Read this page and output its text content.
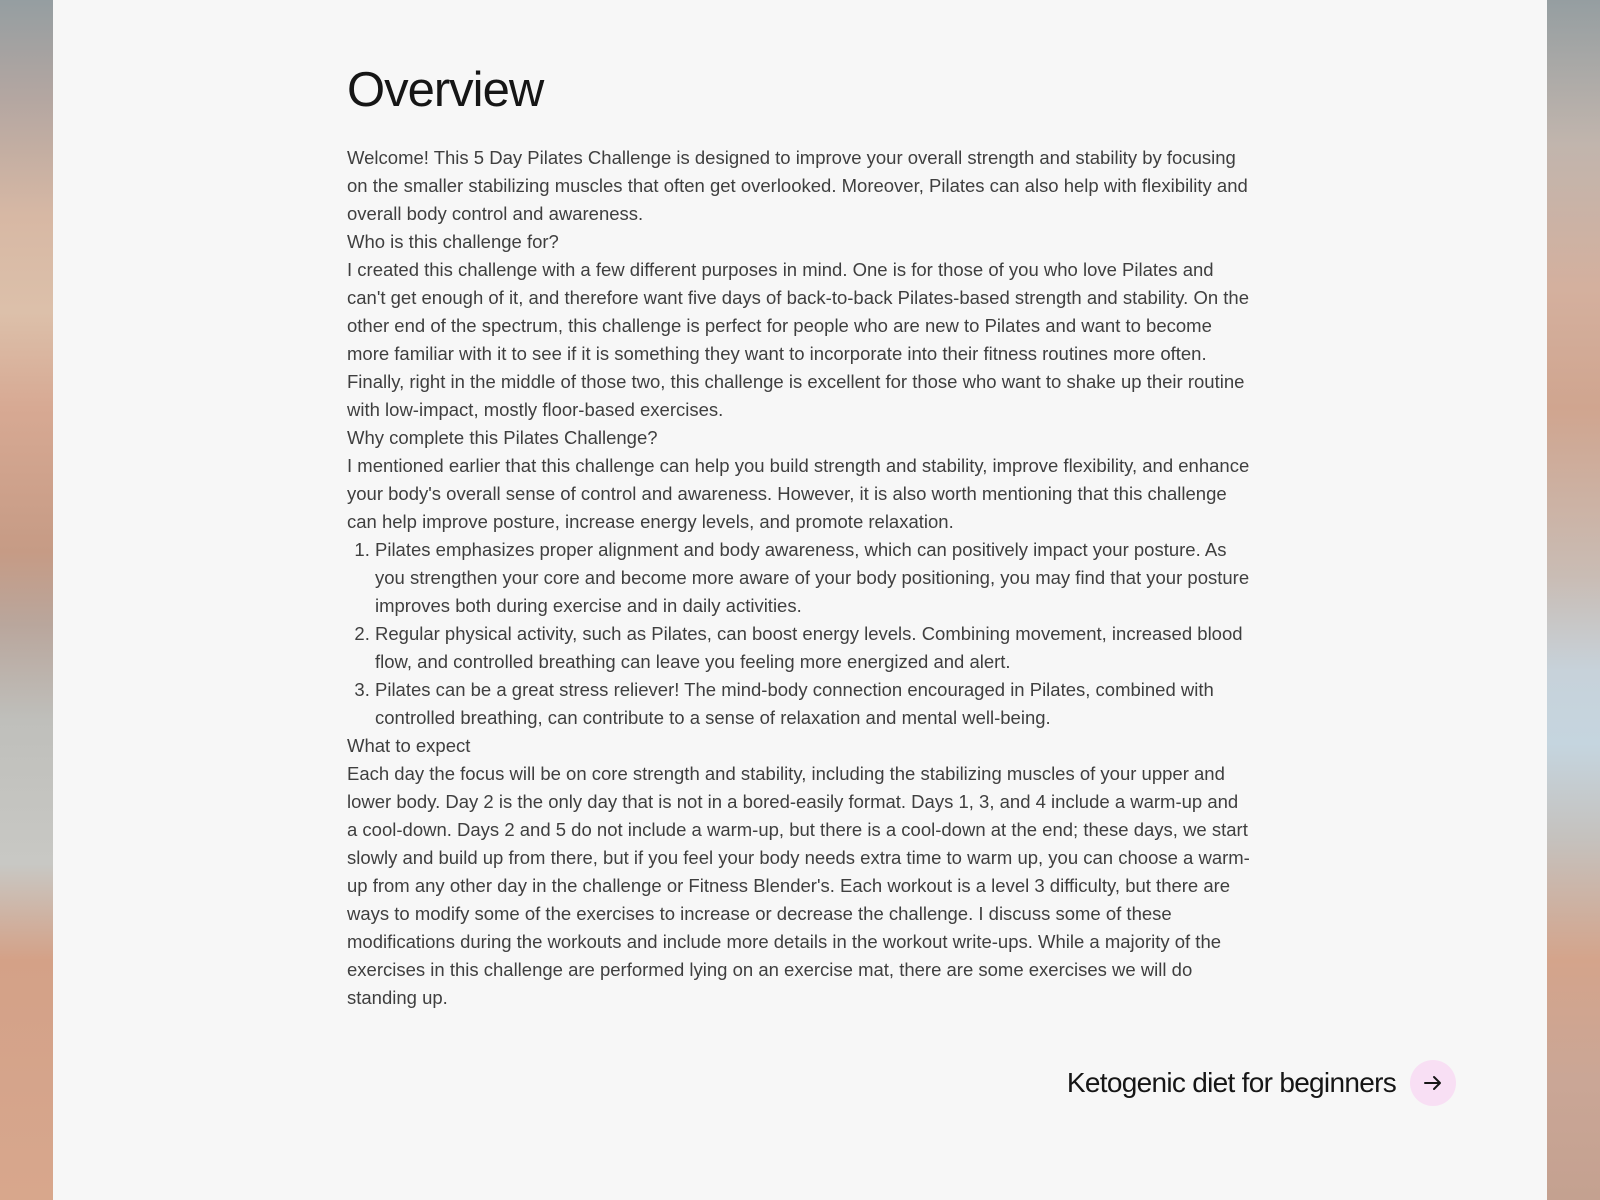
Overview

Welcome! This 5 Day Pilates Challenge is designed to improve your overall strength and stability by focusing on the smaller stabilizing muscles that often get overlooked. Moreover, Pilates can also help with flexibility and overall body control and awareness.

Who is this challenge for?

I created this challenge with a few different purposes in mind. One is for those of you who love Pilates and can't get enough of it, and therefore want five days of back-to-back Pilates-based strength and stability. On the other end of the spectrum, this challenge is perfect for people who are new to Pilates and want to become more familiar with it to see if it is something they want to incorporate into their fitness routines more often. Finally, right in the middle of those two, this challenge is excellent for those who want to shake up their routine with low-impact, mostly floor-based exercises.

Why complete this Pilates Challenge?

I mentioned earlier that this challenge can help you build strength and stability, improve flexibility, and enhance your body's overall sense of control and awareness. However, it is also worth mentioning that this challenge can help improve posture, increase energy levels, and promote relaxation.

1. Pilates emphasizes proper alignment and body awareness, which can positively impact your posture. As you strengthen your core and become more aware of your body positioning, you may find that your posture improves both during exercise and in daily activities.
2. Regular physical activity, such as Pilates, can boost energy levels. Combining movement, increased blood flow, and controlled breathing can leave you feeling more energized and alert.
3. Pilates can be a great stress reliever! The mind-body connection encouraged in Pilates, combined with controlled breathing, can contribute to a sense of relaxation and mental well-being.

What to expect

Each day the focus will be on core strength and stability, including the stabilizing muscles of your upper and lower body. Day 2 is the only day that is not in a bored-easily format. Days 1, 3, and 4 include a warm-up and a cool-down. Days 2 and 5 do not include a warm-up, but there is a cool-down at the end; these days, we start slowly and build up from there, but if you feel your body needs extra time to warm up, you can choose a warm-up from any other day in the challenge or Fitness Blender's. Each workout is a level 3 difficulty, but there are ways to modify some of the exercises to increase or decrease the challenge. I discuss some of these modifications during the workouts and include more details in the workout write-ups. While a majority of the exercises in this challenge are performed lying on an exercise mat, there are some exercises we will do standing up.

Ketogenic diet for beginners
